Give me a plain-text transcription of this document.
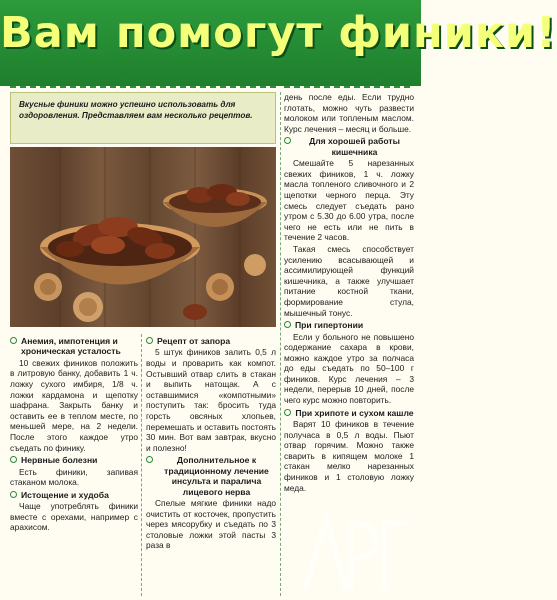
Вам помогут финики!
Вкусные финики можно успешно использовать для оздоровления. Представляем вам несколько рецептов.
Анемия, импотенция и хроническая усталость

10 свежих фиников положить в литровую банку, добавить 1 ч. ложку сухого имбиря, 1/8 ч. ложки кардамона и щепотку шафрана. Закрыть банку и оставить ее в теплом месте, по меньшей мере, на 2 недели. После этого каждое утро съедать по финику.

Нервные болезни

Есть финики, запивая стаканом молока.

Истощение и худоба

Чаще употреблять финики вместе с орехами, например с арахисом.

Рецепт от запора

5 штук фиников залить 0,5 л воды и проварить как компот. Остывший отвар слить в стакан и выпить натощак. А с оставшимися «компотными» поступить так: бросить туда горсть овсяных хлопьев, перемешать и оставить постоять 30 мин. Вот вам завтрак, вкусно и полезно!

Дополнительное к традиционному лечение инсульта и паралича лицевого нерва

Спелые мягкие финики надо очистить от косточек, пропустить через мясорубку и съедать по 3 столовые ложки этой пасты 3 раза в

день после еды. Если трудно глотать, можно чуть развести молоком или топленым маслом. Курс лечения – месяц и больше.

Для хорошей работы кишечника

Смешайте 5 нарезанных свежих фиников, 1 ч. ложку масла топленого сливочного и 2 щепотки черного перца. Эту смесь следует съедать рано утром с 5.30 до 6.00 утра, после чего не есть или не пить в течение 2 часов.

Такая смесь способствует усилению всасывающей и ассимилирующей функций кишечника, а также улучшает питание костной ткани, формирование стула, мышечный тонус.

При гипертонии

Если у больного не повышено содержание сахара в крови, можно каждое утро за полчаса до еды съедать по 50–100 г фиников. Курс лечения – 3 недели, перерыв 10 дней, после чего курс можно повторить.

При хрипоте и сухом кашле

Варят 10 фиников в течение получаса в 0,5 л воды. Пьют отвар горячим. Можно также сварить в кипящем молоке 1 стакан мелко нарезанных фиников и 1 столовую ложку меда.
